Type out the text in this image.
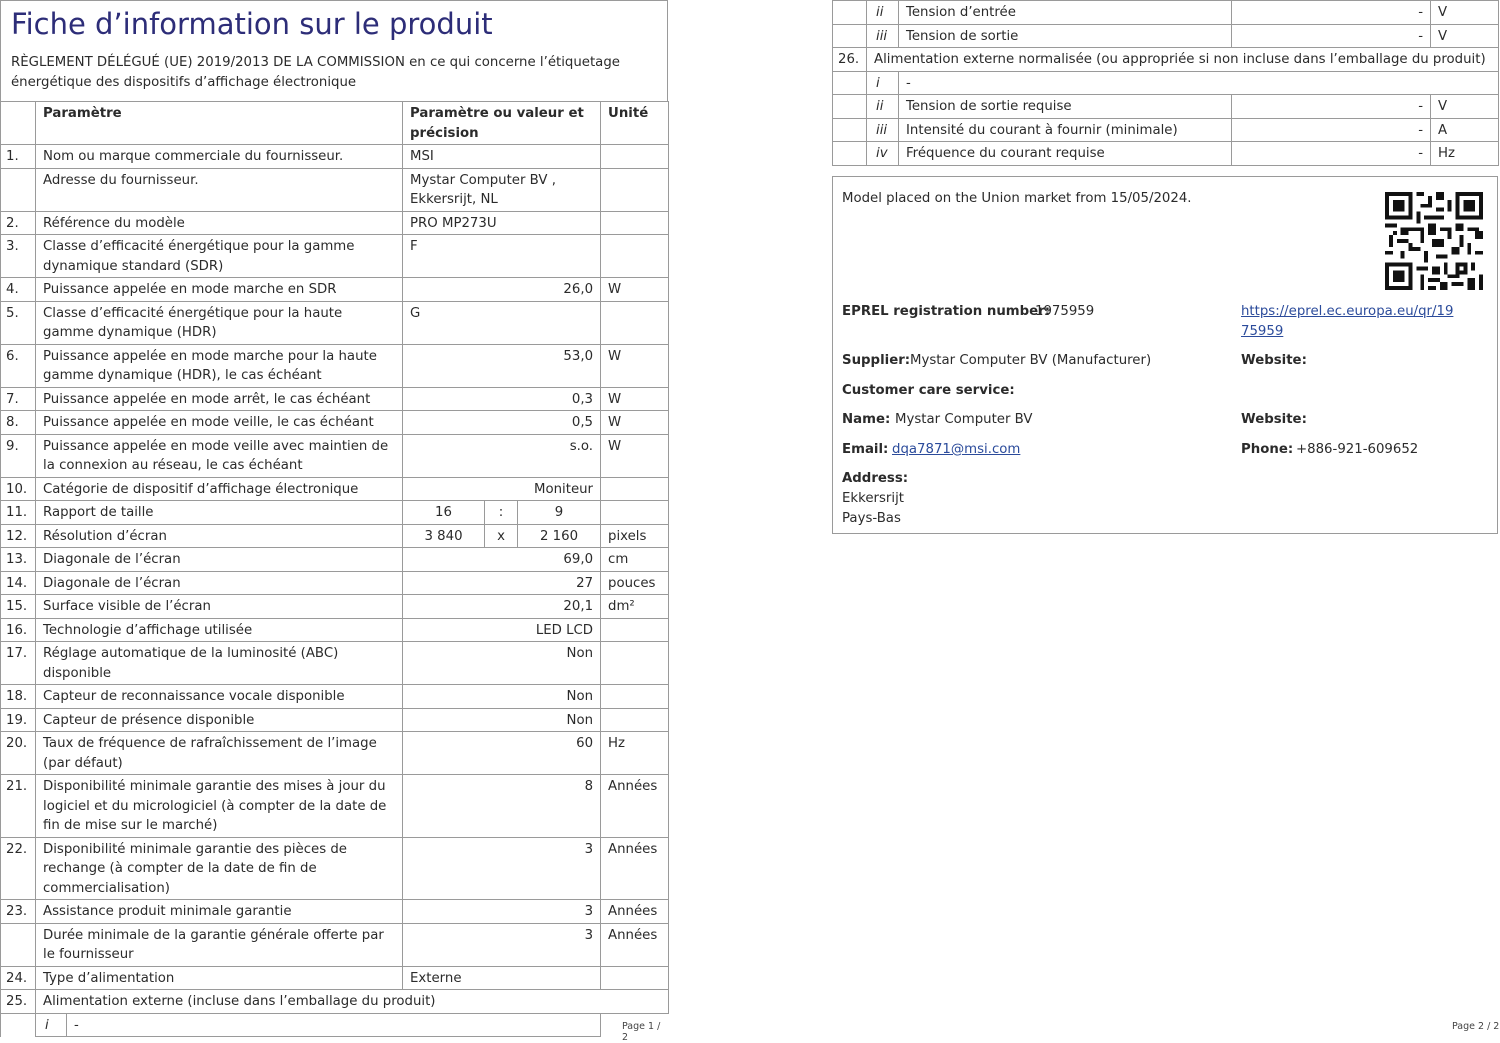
Fiche d’information sur le produit
RÈGLEMENT DÉLÉGUÉ (UE) 2019/2013 DE LA COMMISSION en ce qui concerne l’étiquetage énergétique des dispositifs d’affichage électronique
	Paramètre		Paramètre ou valeur et précision			Unité
1.	Nom ou marque commerciale du fournisseur.		MSI			
	Adresse du fournisseur.		Mystar Computer BV , Ekkersrijt, NL			
2.	Référence du modèle		PRO MP273U			
3.	Classe d’efficacité énergétique pour la gamme dynamique standard (SDR)		F			
4.	Puissance appelée en mode marche en SDR		26,0			W
5.	Classe d’efficacité énergétique pour la haute gamme dynamique (HDR)		G			
6.	Puissance appelée en mode marche pour la haute gamme dynamique (HDR), le cas échéant		53,0			W
7.	Puissance appelée en mode arrêt, le cas échéant		0,3			W
8.	Puissance appelée en mode veille, le cas échéant		0,5			W
9.	Puissance appelée en mode veille avec maintien de la connexion au réseau, le cas échéant		s.o.			W
10.	Catégorie de dispositif d’affichage électronique		Moniteur			
11.	Rapport de taille		16	:	9	
12.	Résolution d’écran		3 840	x	2 160	pixels
13.	Diagonale de l’écran		69,0			cm
14.	Diagonale de l’écran		27			pouces
15.	Surface visible de l’écran		20,1			dm²
16.	Technologie d’affichage utilisée		LED LCD			
17.	Réglage automatique de la luminosité (ABC) disponible		Non			
18.	Capteur de reconnaissance vocale disponible		Non			
19.	Capteur de présence disponible		Non			
20.	Taux de fréquence de rafraîchissement de l’image (par défaut)		60			Hz
21.	Disponibilité minimale garantie des mises à jour du logiciel et du micrologiciel (à compter de la date de fin de mise sur le marché)		8			Années
22.	Disponibilité minimale garantie des pièces de rechange (à compter de la date de fin de commercialisation)		3			Années
23.	Assistance produit minimale garantie		3			Années
	Durée minimale de la garantie générale offerte par le fournisseur		3			Années
24.	Type d’alimentation		Externe			
25.	Alimentation externe (incluse dans l’emballage du produit)					
	i	-					Page 1 / 2
	ii	Tension d’entrée	-	V
	iii	Tension de sortie	-	V
26.	Alimentation externe normalisée (ou appropriée si non incluse dans l’emballage du produit)			
	i	-		
	ii	Tension de sortie requise	-	V
	iii	Intensité du courant à fournir (minimale)	-	A
	iv	Fréquence du courant requise	-	Hz
Model placed on the Union market from 15/05/2024.
EPREL registration number:
1975959	https://eprel.ec.europa.eu/qr/19
75959
Supplier: Mystar Computer BV (Manufacturer)	Website:
Customer care service:
Name: Mystar Computer BV	Website:
Email: dqa7871@msi.com	Phone: +886-921-609652
Address:
Ekkersrijt
Pays-Bas
Page 2 / 2
